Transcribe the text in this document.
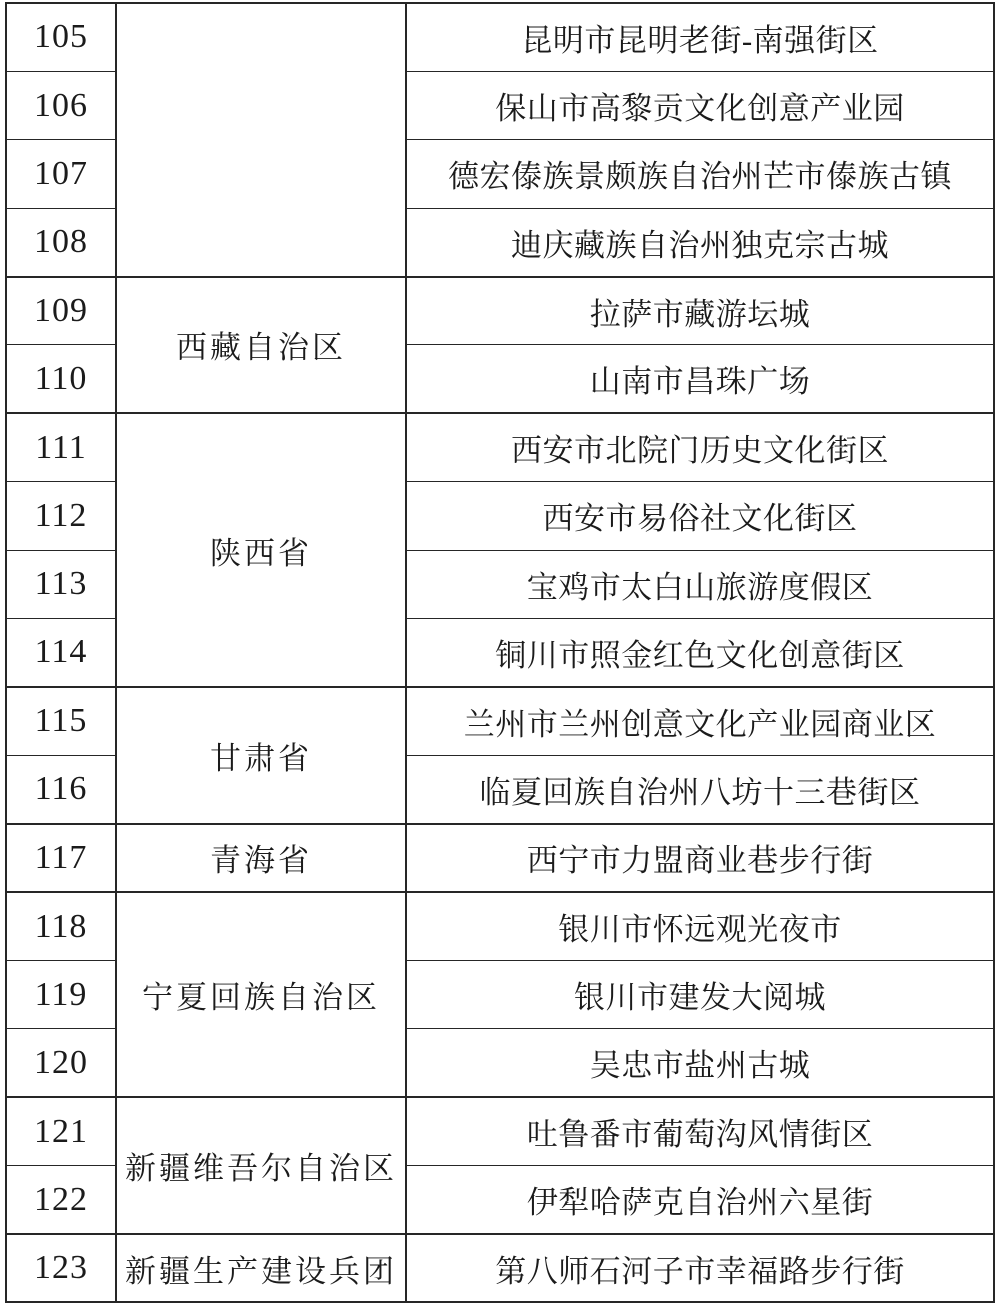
105		昆明市昆明老街-南强街区
106		保山市高黎贡文化创意产业园
107		德宏傣族景颇族自治州芒市傣族古镇
108		迪庆藏族自治州独克宗古城
109	西藏自治区	拉萨市藏游坛城
110		山南市昌珠广场
111	陕西省	西安市北院门历史文化街区
112		西安市易俗社文化街区
113		宝鸡市太白山旅游度假区
114		铜川市照金红色文化创意街区
115	甘肃省	兰州市兰州创意文化产业园商业区
116		临夏回族自治州八坊十三巷街区
117	青海省	西宁市力盟商业巷步行街
118	宁夏回族自治区	银川市怀远观光夜市
119		银川市建发大阅城
120		吴忠市盐州古城
121	新疆维吾尔自治区	吐鲁番市葡萄沟风情街区
122		伊犁哈萨克自治州六星街
123	新疆生产建设兵团	第八师石河子市幸福路步行街
